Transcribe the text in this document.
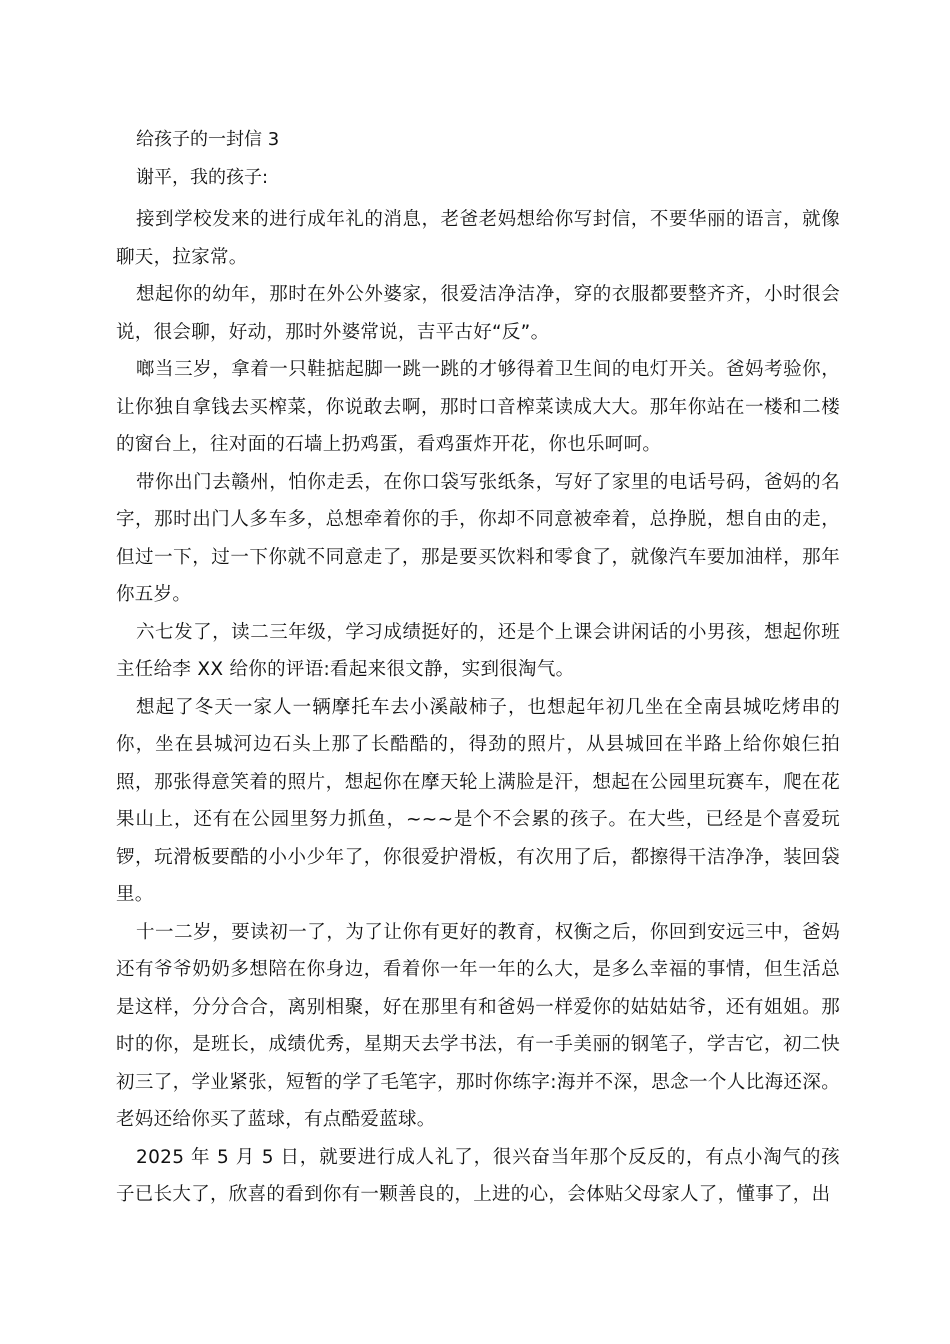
给孩子的一封信 3
谢平，我的孩子:

接到学校发来的进行成年礼的消息，老爸老妈想给你写封信，不要华丽的语言，就像聊天，拉家常。

想起你的幼年，那时在外公外婆家，很爱洁净洁净，穿的衣服都要整齐齐，小时很会说，很会聊，好动，那时外婆常说，吉平古好“反”。

啷当三岁，拿着一只鞋掂起脚一跳一跳的才够得着卫生间的电灯开关。爸妈考验你，让你独自拿钱去买榨菜，你说敢去啊，那时口音榨菜读成大大。那年你站在一楼和二楼的窗台上，往对面的石墙上扔鸡蛋，看鸡蛋炸开花，你也乐呵呵。

带你出门去赣州，怕你走丢，在你口袋写张纸条，写好了家里的电话号码，爸妈的名字，那时出门人多车多，总想牵着你的手，你却不同意被牵着，总挣脱，想自由的走，但过一下，过一下你就不同意走了，那是要买饮料和零食了，就像汽车要加油样，那年你五岁。

六七发了，读二三年级，学习成绩挺好的，还是个上课会讲闲话的小男孩，想起你班主任给李 XX 给你的评语:看起来很文静，实到很淘气。

想起了冬天一家人一辆摩托车去小溪敲柿子，也想起年初几坐在全南县城吃烤串的你，坐在县城河边石头上那了长酷酷的，得劲的照片，从县城回在半路上给你娘仨拍照，那张得意笑着的照片，想起你在摩天轮上满脸是汗，想起在公园里玩赛车，爬在花果山上，还有在公园里努力抓鱼，~~~是个不会累的孩子。在大些，已经是个喜爱玩锣，玩滑板要酷的小小少年了，你很爱护滑板，有次用了后，都擦得干洁净净，装回袋里。

十一二岁，要读初一了，为了让你有更好的教育，权衡之后，你回到安远三中，爸妈还有爷爷奶奶多想陪在你身边，看着你一年一年的么大，是多么幸福的事情，但生活总是这样，分分合合，离别相聚，好在那里有和爸妈一样爱你的姑姑姑爷，还有姐姐。那时的你，是班长，成绩优秀，星期天去学书法，有一手美丽的钢笔子，学吉它，初二快初三了，学业紧张，短暂的学了毛笔字，那时你练字:海并不深，思念一个人比海还深。老妈还给你买了蓝球，有点酷爱蓝球。

2025 年 5 月 5 日，就要进行成人礼了，很兴奋当年那个反反的，有点小淘气的孩子已长大了，欣喜的看到你有一颗善良的，上进的心，会体贴父母家人了，懂事了，出
